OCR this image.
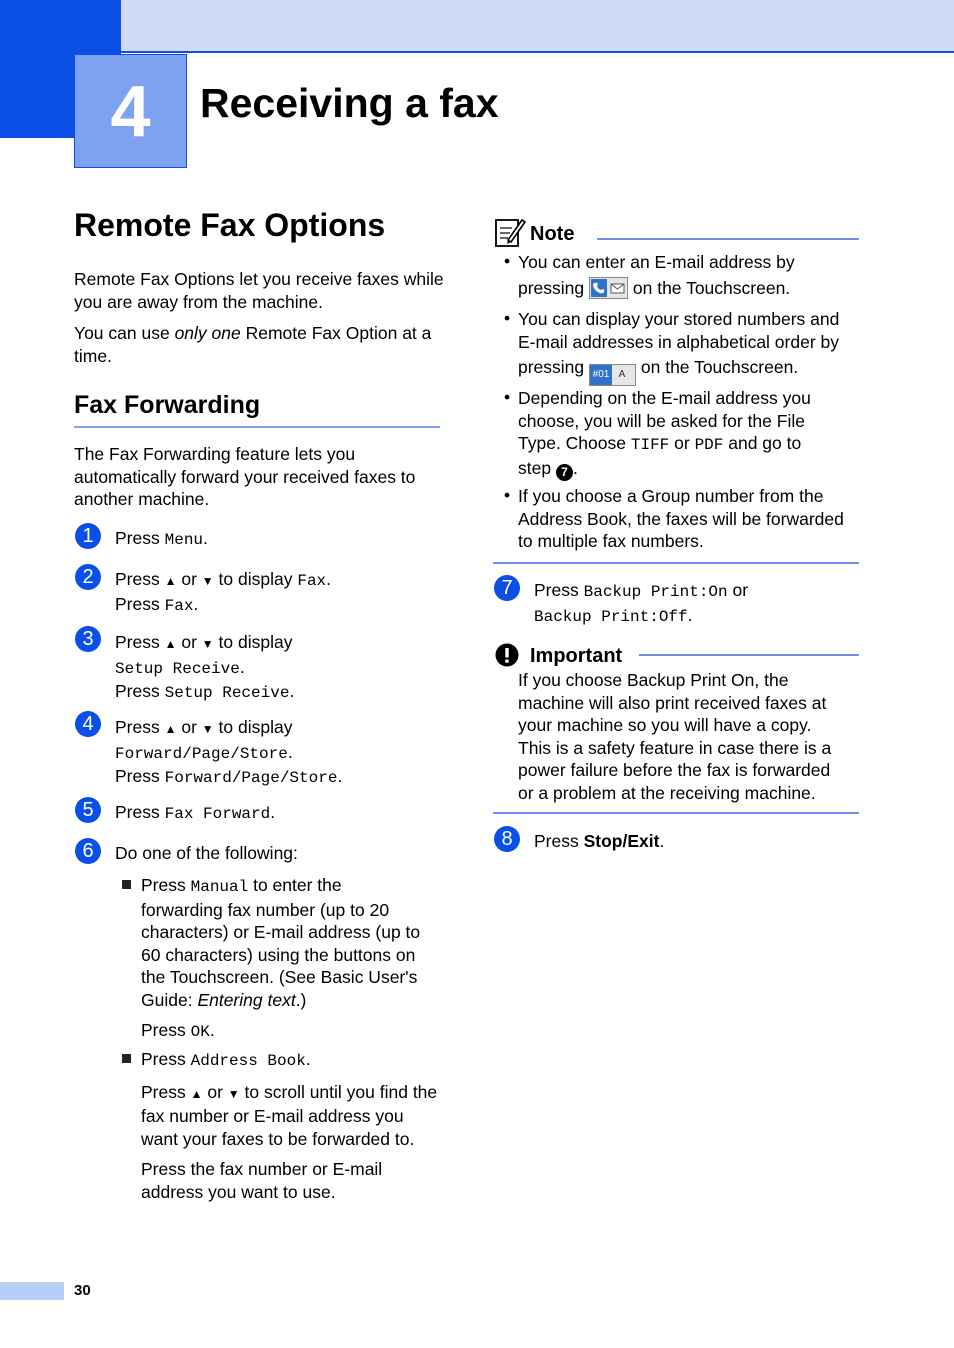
4	Receiving a fax
Remote Fax Options
Remote Fax Options let you receive faxes while you are away from the machine.
You can use only one Remote Fax Option at a time.
Fax Forwarding
The Fax Forwarding feature lets you automatically forward your received faxes to another machine.
1	Press Menu.
2	Press ▲ or ▼ to display Fax.
Press Fax.
3	Press ▲ or ▼ to display
Setup Receive.
Press Setup Receive.
4	Press ▲ or ▼ to display
Forward/Page/Store.
Press Forward/Page/Store.
5	Press Fax Forward.
6	Do one of the following:
Press Manual to enter the
forwarding fax number (up to 20
characters) or E-mail address (up to
60 characters) using the buttons on
the Touchscreen. (See Basic User's
Guide: Entering text.)
Press OK.
Press Address Book.
Press ▲ or ▼ to scroll until you find the
fax number or E-mail address you
want your faxes to be forwarded to.
Press the fax number or E-mail
address you want to use.
Note
• You can enter an E-mail address by
pressing  on the Touchscreen.
• You can display your stored numbers and
E-mail addresses in alphabetical order by
pressing #01 A on the Touchscreen.
• Depending on the E-mail address you
choose, you will be asked for the File
Type. Choose TIFF or PDF and go to
step 7 .
• If you choose a Group number from the
Address Book, the faxes will be forwarded
to multiple fax numbers.
7	Press Backup Print:On or
Backup Print:Off.
Important
If you choose Backup Print On, the
machine will also print received faxes at
your machine so you will have a copy.
This is a safety feature in case there is a
power failure before the fax is forwarded
or a problem at the receiving machine.
8	Press Stop/Exit.
30
